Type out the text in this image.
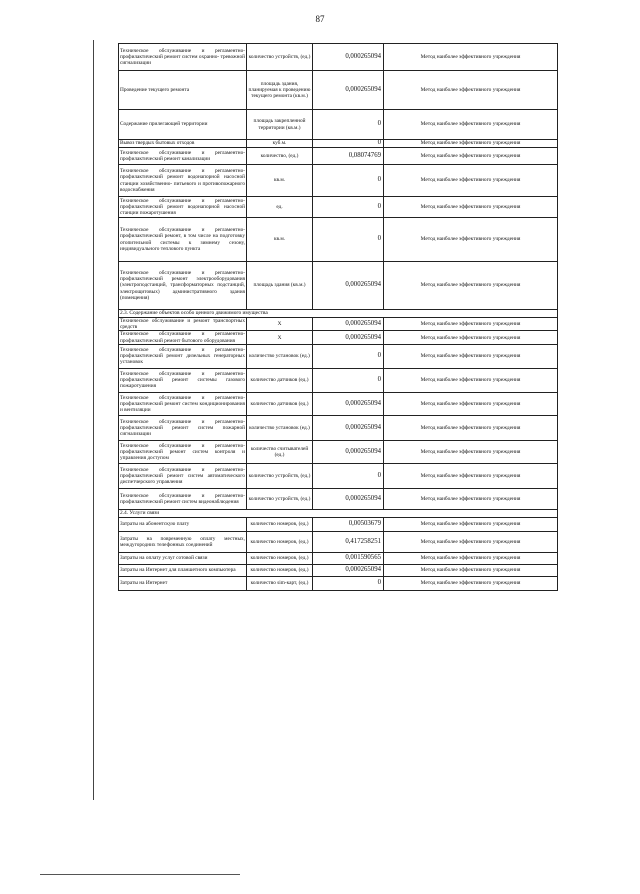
87
Техническое обслуживание и регламентно- профилактический ремонт систем охранно- тревожной сигнализации	количество устройств, (ед.)	0,000265094	Метод наиболее эффективного учреждения
Проведение текущего ремонта	площадь здания, планируемая к проведению текущего ремонта (кв.м.)	0,000265094	Метод наиболее эффективного учреждения
Содержание прилегающей территории	площадь закрепленной территории (кв.м.)	0	Метод наиболее эффективного учреждения
Вывоз твердых бытовых отходов	куб.м.	0	Метод наиболее эффективного учреждения
Техническое обслуживание и регламентно- профилактический ремонт канализации	количество, (ед.)	0,08074769	Метод наиболее эффективного учреждения
Техническое обслуживание и регламентно- профилактический ремонт водонапорной насосной станции хозяйственно- питьевого и противопожарного водоснабжения	кв.м.	0	Метод наиболее эффективного учреждения
Техническое обслуживание и регламентно- профилактический ремонт водонапорной насосной станции пожаротушения	ед.	0	Метод наиболее эффективного учреждения
Техническое обслуживание и регламентно- профилактический ремонт, в том числе на подготовку отопительной системы к зимнему сезону, индивидуального теплового пункта	кв.м.	0	Метод наиболее эффективного учреждения
Техническое обслуживание и регламентно- профилактический ремонт электрооборудования (электроподстанций, трансформаторных подстанций, электрощитовых) административного здания (помещения)	площадь здания (кв.м.)	0,000265094	Метод наиболее эффективного учреждения
2.3. Содержание объектов особо ценного движимого имущества			
Техническое обслуживание и ремонт транспортных средств	Х	0,000265094	Метод наиболее эффективного учреждения
Техническое обслуживание и регламентно- профилактический ремонт бытового оборудования	Х	0,000265094	Метод наиболее эффективного учреждения
Техническое обслуживание и регламентно- профилактический ремонт дизельных генераторных установок	количество установок (ед.)	0	Метод наиболее эффективного учреждения
Техническое обслуживание и регламентно- профилактический ремонт системы газового пожаротушения	количество датчиков (ед.)	0	Метод наиболее эффективного учреждения
Техническое обслуживание и регламентно- профилактический ремонт систем кондиционирования и вентиляции	количество датчиков (ед.)	0,000265094	Метод наиболее эффективного учреждения
Техническое обслуживание и регламентно- профилактический ремонт систем пожарной сигнализации	количество установок (ед.)	0,000265094	Метод наиболее эффективного учреждения
Техническое обслуживание и регламентно- профилактический ремонт систем контроля и управления доступом	количество считывателей (ед.)	0,000265094	Метод наиболее эффективного учреждения
Техническое обслуживание и регламентно- профилактический ремонт систем автоматического диспетчерского управления	количество устройств, (ед.)	0	Метод наиболее эффективного учреждения
Техническое обслуживание и регламентно- профилактический ремонт систем видеонаблюдения	количество устройств, (ед.)	0,000265094	Метод наиболее эффективного учреждения
2.4. Услуги связи			
Затраты на абонентскую плату	количество номеров, (ед.)	0,00503679	Метод наиболее эффективного учреждения
Затраты на повременную оплату местных, междугородних телефонных соединений	количество номеров, (ед.)	0,417258251	Метод наиболее эффективного учреждения
Затраты на оплату услуг сотовой связи	количество номеров, (ед.)	0,001590565	Метод наиболее эффективного учреждения
Затраты на Интернет для планшетного компьютера	количество номеров, (ед.)	0,000265094	Метод наиболее эффективного учреждения
Затраты на Интернет	количество sim-карт, (ед.)	0	Метод наиболее эффективного учреждения
